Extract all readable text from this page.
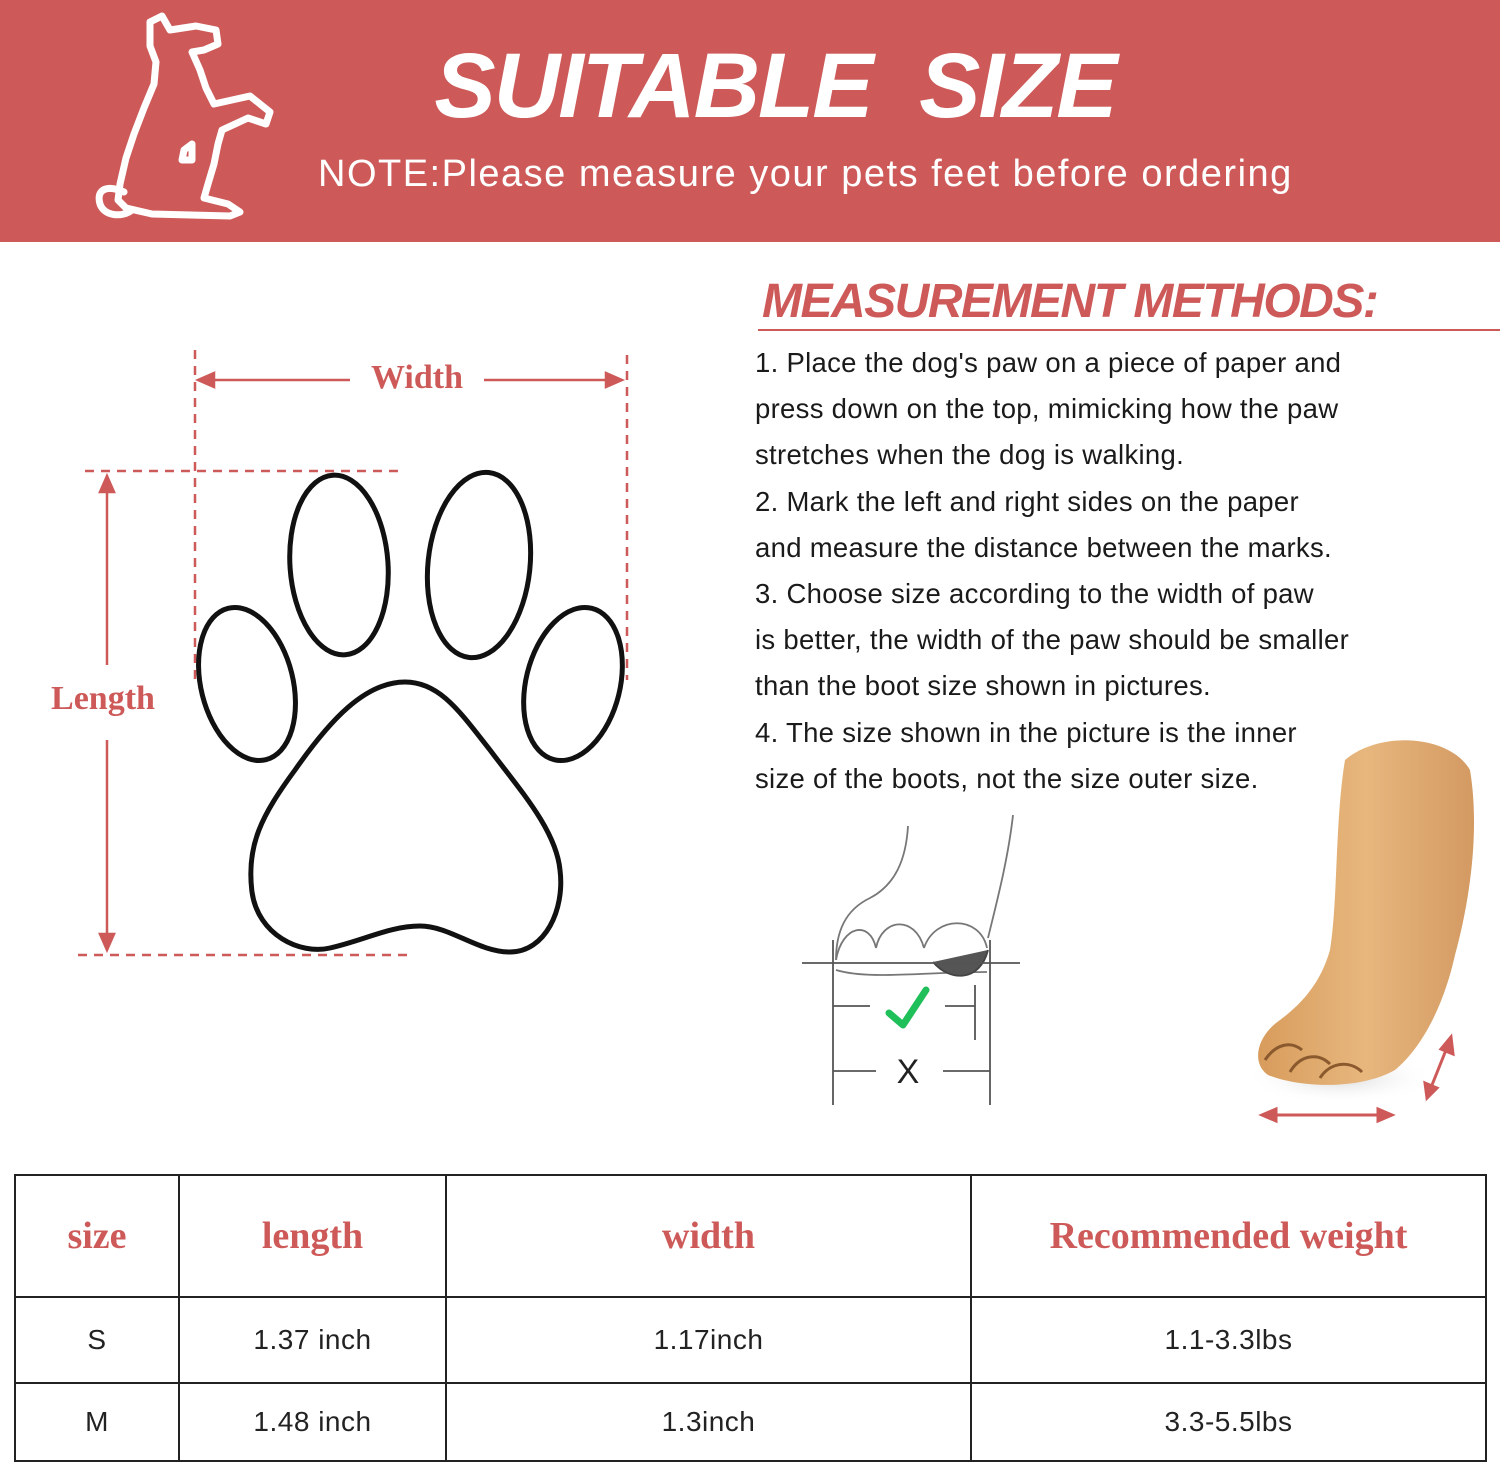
SUITABLE SIZE
NOTE:Please measure your pets feet before ordering
Width
Length
MEASUREMENT METHODS:
1. Place the dog's paw on a piece of paper and
press down on the top, mimicking how the paw
stretches when the dog is walking.
2. Mark the left and right sides on the paper
and measure the distance between the marks.
3. Choose size according to the width of paw
is better, the width of the paw should be smaller
than the boot size shown in pictures.
4. The size shown in the picture is the inner
size of the boots, not the size outer size.
X
size	length	width	Recommended weight
S	1.37 inch	1.17inch	1.1-3.3lbs
M	1.48 inch	1.3inch	3.3-5.5lbs
